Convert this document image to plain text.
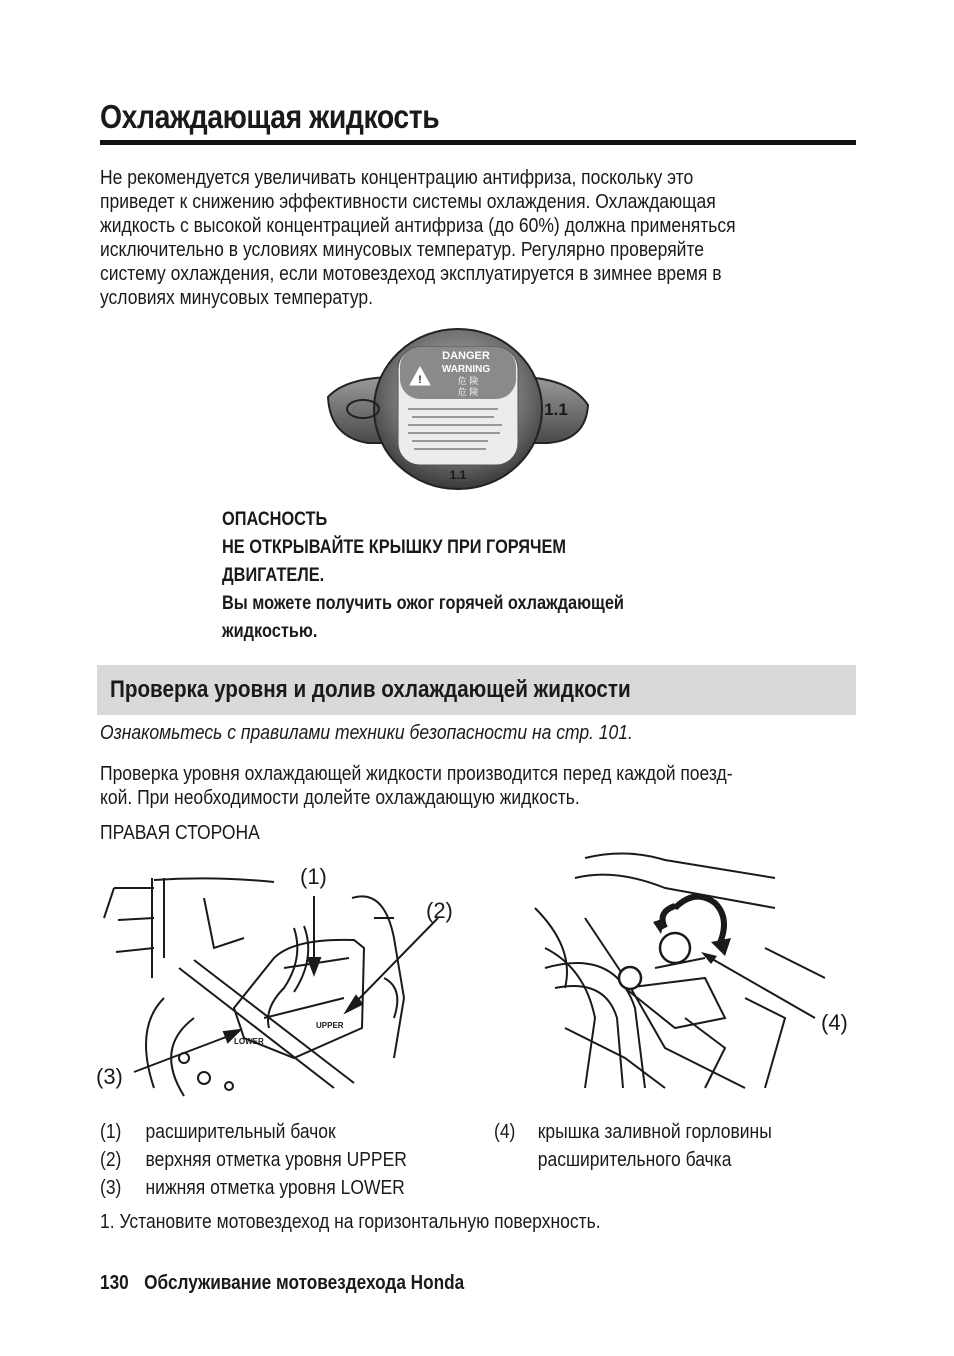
Охлаждающая жидкость
Не рекомендуется увеличивать концентрацию антифриза, поскольку это
приведет к снижению эффективности системы охлаждения. Охлаждающая
жидкость с высокой концентрацией антифриза (до 60%) должна применяться
исключительно в условиях минусовых температур. Регулярно проверяйте
систему охлаждения, если мотовездеход эксплуатируется в зимнее время в
условиях минусовых температур.
!
DANGER
WARNING
危 険
危 険
1.1
1.1
ОПАСНОСТЬ
НЕ ОТКРЫВАЙТЕ КРЫШКУ ПРИ ГОРЯЧЕМ
ДВИГАТЕЛЕ.
Вы можете получить ожог горячей охлаждающей
жидкостью.
Проверка уровня и долив охлаждающей жидкости
Ознакомьтесь с правилами техники безопасности на стр. 101.
Проверка уровня охлаждающей жидкости производится перед каждой поезд-
кой. При необходимости долейте охлаждающую жидкость.
ПРАВАЯ СТОРОНА
UPPER
LOWER
(1)
(2)
(3)
(4)
(1)	расширительный бачок
(2)	верхняя отметка уровня UPPER
(3)	нижняя отметка уровня LOWER
(4)	крышка заливной горловины
расширительного бачка
1. Установите мотовездеход на горизонтальную поверхность.
130 Обслуживание мотовездехода Honda
